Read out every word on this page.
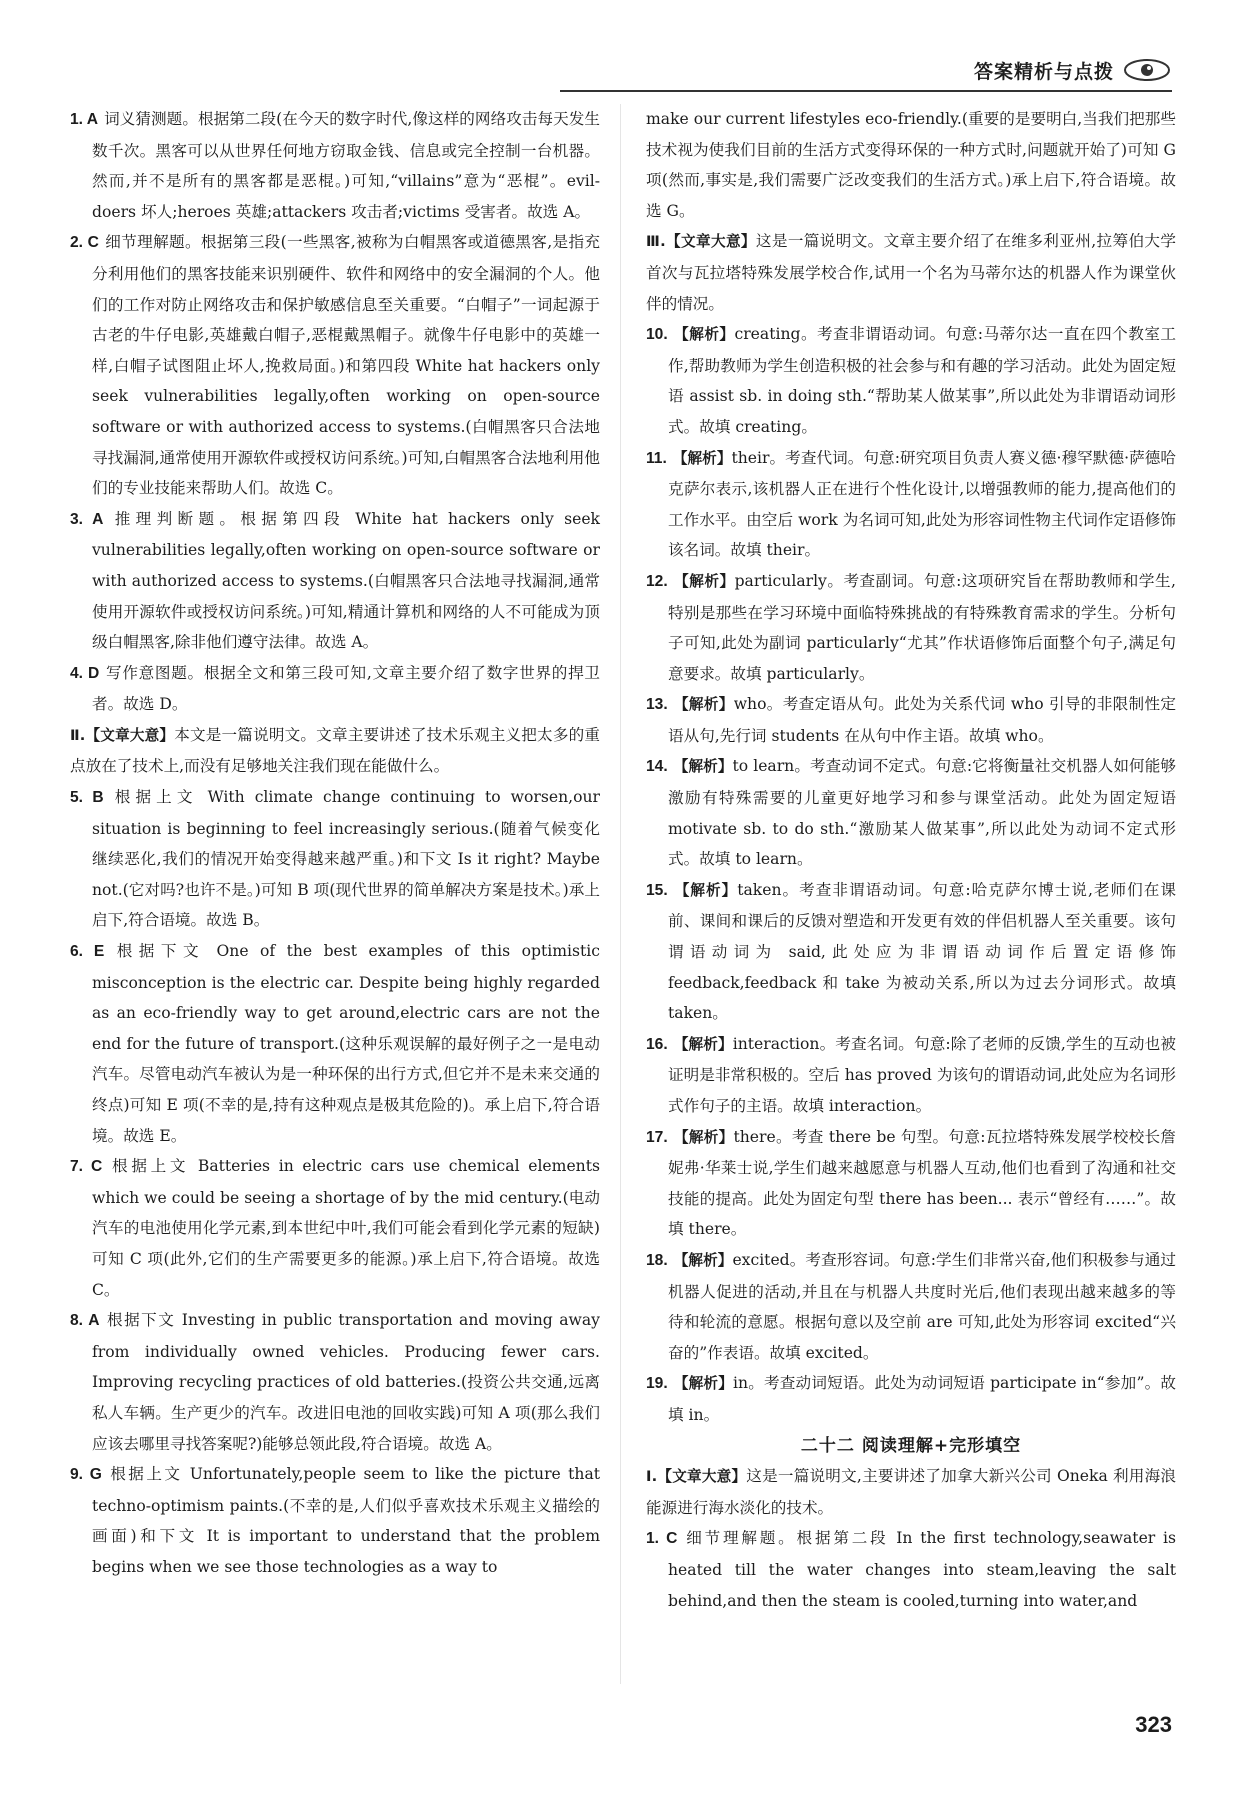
答案精析与点拨

1. A 词义猜测题。根据第二段(在今天的数字时代,像这样的网络攻击每天发生数千次。黑客可以从世界任何地方窃取金钱、信息或完全控制一台机器。然而,并不是所有的黑客都是恶棍。)可知,“villains”意为“恶棍”。evil-doers 坏人;heroes 英雄;attackers 攻击者;victims 受害者。故选 A。

2. C 细节理解题。根据第三段(一些黑客,被称为白帽黑客或道德黑客,是指充分利用他们的黑客技能来识别硬件、软件和网络中的安全漏洞的个人。他们的工作对防止网络攻击和保护敏感信息至关重要。“白帽子”一词起源于古老的牛仔电影,英雄戴白帽子,恶棍戴黑帽子。就像牛仔电影中的英雄一样,白帽子试图阻止坏人,挽救局面。)和第四段 White hat hackers only seek vulnerabilities legally,often working on open-source software or with authorized access to systems.(白帽黑客只合法地寻找漏洞,通常使用开源软件或授权访问系统。)可知,白帽黑客合法地利用他们的专业技能来帮助人们。故选 C。

3. A 推理判断题。根据第四段 White hat hackers only seek vulnerabilities legally,often working on open-source software or with authorized access to systems.(白帽黑客只合法地寻找漏洞,通常使用开源软件或授权访问系统。)可知,精通计算机和网络的人不可能成为顶级白帽黑客,除非他们遵守法律。故选 A。

4. D 写作意图题。根据全文和第三段可知,文章主要介绍了数字世界的捍卫者。故选 D。

Ⅱ.【文章大意】本文是一篇说明文。文章主要讲述了技术乐观主义把太多的重点放在了技术上,而没有足够地关注我们现在能做什么。

5. B 根据上文 With climate change continuing to worsen,our situation is beginning to feel increasingly serious.(随着气候变化继续恶化,我们的情况开始变得越来越严重。)和下文 Is it right? Maybe not.(它对吗?也许不是。)可知 B 项(现代世界的简单解决方案是技术。)承上启下,符合语境。故选 B。

6. E 根据下文 One of the best examples of this optimistic misconception is the electric car. Despite being highly regarded as an eco-friendly way to get around,electric cars are not the end for the future of transport.(这种乐观误解的最好例子之一是电动汽车。尽管电动汽车被认为是一种环保的出行方式,但它并不是未来交通的终点)可知 E 项(不幸的是,持有这种观点是极其危险的)。承上启下,符合语境。故选 E。

7. C 根据上文 Batteries in electric cars use chemical elements which we could be seeing a shortage of by the mid century.(电动汽车的电池使用化学元素,到本世纪中叶,我们可能会看到化学元素的短缺)可知 C 项(此外,它们的生产需要更多的能源。)承上启下,符合语境。故选 C。

8. A 根据下文 Investing in public transportation and moving away from individually owned vehicles. Producing fewer cars. Improving recycling practices of old batteries.(投资公共交通,远离私人车辆。生产更少的汽车。改进旧电池的回收实践)可知 A 项(那么我们应该去哪里寻找答案呢?)能够总领此段,符合语境。故选 A。

9. G 根据上文 Unfortunately,people seem to like the picture that techno-optimism paints.(不幸的是,人们似乎喜欢技术乐观主义描绘的画面)和下文 It is important to understand that the problem begins when we see those technologies as a way to

make our current lifestyles eco-friendly.(重要的是要明白,当我们把那些技术视为使我们目前的生活方式变得环保的一种方式时,问题就开始了)可知 G 项(然而,事实是,我们需要广泛改变我们的生活方式。)承上启下,符合语境。故选 G。

Ⅲ.【文章大意】这是一篇说明文。文章主要介绍了在维多利亚州,拉筹伯大学首次与瓦拉塔特殊发展学校合作,试用一个名为马蒂尔达的机器人作为课堂伙伴的情况。

10. 【解析】creating。考查非谓语动词。句意:马蒂尔达一直在四个教室工作,帮助教师为学生创造积极的社会参与和有趣的学习活动。此处为固定短语 assist sb. in doing sth.“帮助某人做某事”,所以此处为非谓语动词形式。故填 creating。

11. 【解析】their。考查代词。句意:研究项目负责人赛义德·穆罕默德·萨德哈克萨尔表示,该机器人正在进行个性化设计,以增强教师的能力,提高他们的工作水平。由空后 work 为名词可知,此处为形容词性物主代词作定语修饰该名词。故填 their。

12. 【解析】particularly。考查副词。句意:这项研究旨在帮助教师和学生,特别是那些在学习环境中面临特殊挑战的有特殊教育需求的学生。分析句子可知,此处为副词 particularly“尤其”作状语修饰后面整个句子,满足句意要求。故填 particularly。

13. 【解析】who。考查定语从句。此处为关系代词 who 引导的非限制性定语从句,先行词 students 在从句中作主语。故填 who。

14. 【解析】to learn。考查动词不定式。句意:它将衡量社交机器人如何能够激励有特殊需要的儿童更好地学习和参与课堂活动。此处为固定短语 motivate sb. to do sth.“激励某人做某事”,所以此处为动词不定式形式。故填 to learn。

15. 【解析】taken。考查非谓语动词。句意:哈克萨尔博士说,老师们在课前、课间和课后的反馈对塑造和开发更有效的伴侣机器人至关重要。该句谓语动词为 said,此处应为非谓语动词作后置定语修饰 feedback,feedback 和 take 为被动关系,所以为过去分词形式。故填 taken。

16. 【解析】interaction。考查名词。句意:除了老师的反馈,学生的互动也被证明是非常积极的。空后 has proved 为该句的谓语动词,此处应为名词形式作句子的主语。故填 interaction。

17. 【解析】there。考查 there be 句型。句意:瓦拉塔特殊发展学校校长詹妮弗·华莱士说,学生们越来越愿意与机器人互动,他们也看到了沟通和社交技能的提高。此处为固定句型 there has been... 表示“曾经有……”。故填 there。

18. 【解析】excited。考查形容词。句意:学生们非常兴奋,他们积极参与通过机器人促进的活动,并且在与机器人共度时光后,他们表现出越来越多的等待和轮流的意愿。根据句意以及空前 are 可知,此处为形容词 excited“兴奋的”作表语。故填 excited。

19. 【解析】in。考查动词短语。此处为动词短语 participate in“参加”。故填 in。

二十二 阅读理解+完形填空

Ⅰ.【文章大意】这是一篇说明文,主要讲述了加拿大新兴公司 Oneka 利用海浪能源进行海水淡化的技术。

1. C 细节理解题。根据第二段 In the first technology,seawater is heated till the water changes into steam,leaving the salt behind,and then the steam is cooled,turning into water,and

323
